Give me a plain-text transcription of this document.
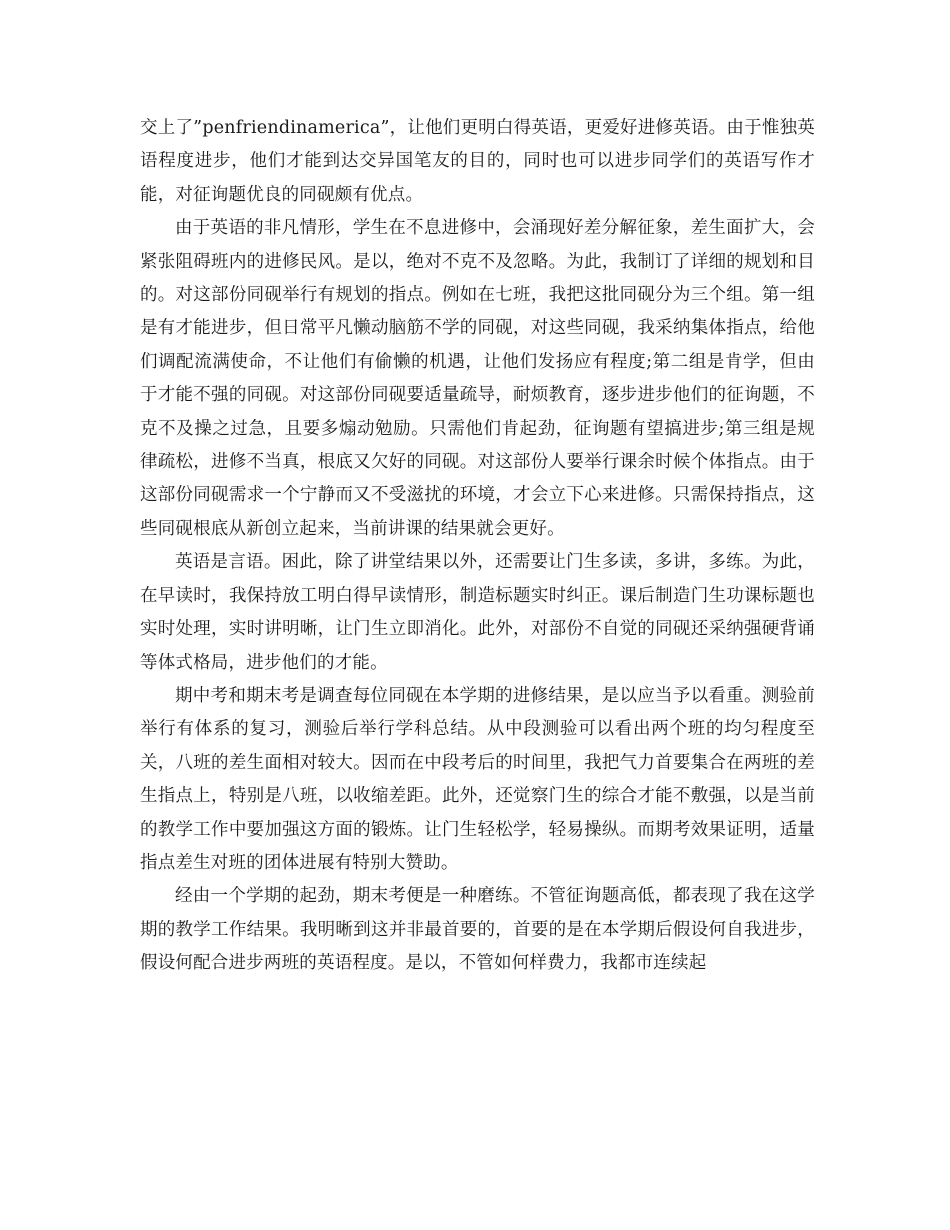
交上了”penfriendinamerica”，让他们更明白得英语，更爱好进修英语。由于惟独英语程度进步，他们才能到达交异国笔友的目的，同时也可以进步同学们的英语写作才能，对征询题优良的同砚颇有优点。

由于英语的非凡情形，学生在不息进修中，会涌现好差分解征象，差生面扩大，会紧张阻碍班内的进修民风。是以，绝对不克不及忽略。为此，我制订了详细的规划和目的。对这部份同砚举行有规划的指点。例如在七班，我把这批同砚分为三个组。第一组是有才能进步，但日常平凡懒动脑筋不学的同砚，对这些同砚，我采纳集体指点，给他们调配流满使命，不让他们有偷懒的机遇，让他们发扬应有程度;第二组是肯学，但由于才能不强的同砚。对这部份同砚要适量疏导，耐烦教育，逐步进步他们的征询题，不克不及操之过急，且要多煽动勉励。只需他们肯起劲，征询题有望搞进步;第三组是规律疏松，进修不当真，根底又欠好的同砚。对这部份人要举行课余时候个体指点。由于这部份同砚需求一个宁静而又不受滋扰的环境，才会立下心来进修。只需保持指点，这些同砚根底从新创立起来，当前讲课的结果就会更好。

英语是言语。困此，除了讲堂结果以外，还需要让门生多读，多讲，多练。为此，在早读时，我保持放工明白得早读情形，制造标题实时纠正。课后制造门生功课标题也实时处理，实时讲明晰，让门生立即消化。此外，对部份不自觉的同砚还采纳强硬背诵等体式格局，进步他们的才能。

期中考和期末考是调查每位同砚在本学期的进修结果，是以应当予以看重。测验前举行有体系的复习，测验后举行学科总结。从中段测验可以看出两个班的均匀程度至关，八班的差生面相对较大。因而在中段考后的时间里，我把气力首要集合在两班的差生指点上，特别是八班，以收缩差距。此外，还觉察门生的综合才能不敷强，以是当前的教学工作中要加强这方面的锻炼。让门生轻松学，轻易操纵。而期考效果证明，适量指点差生对班的团体进展有特别大赞助。

经由一个学期的起劲，期末考便是一种磨练。不管征询题高低，都表现了我在这学期的教学工作结果。我明晰到这并非最首要的，首要的是在本学期后假设何自我进步，假设何配合进步两班的英语程度。是以，不管如何样费力，我都市连续起
